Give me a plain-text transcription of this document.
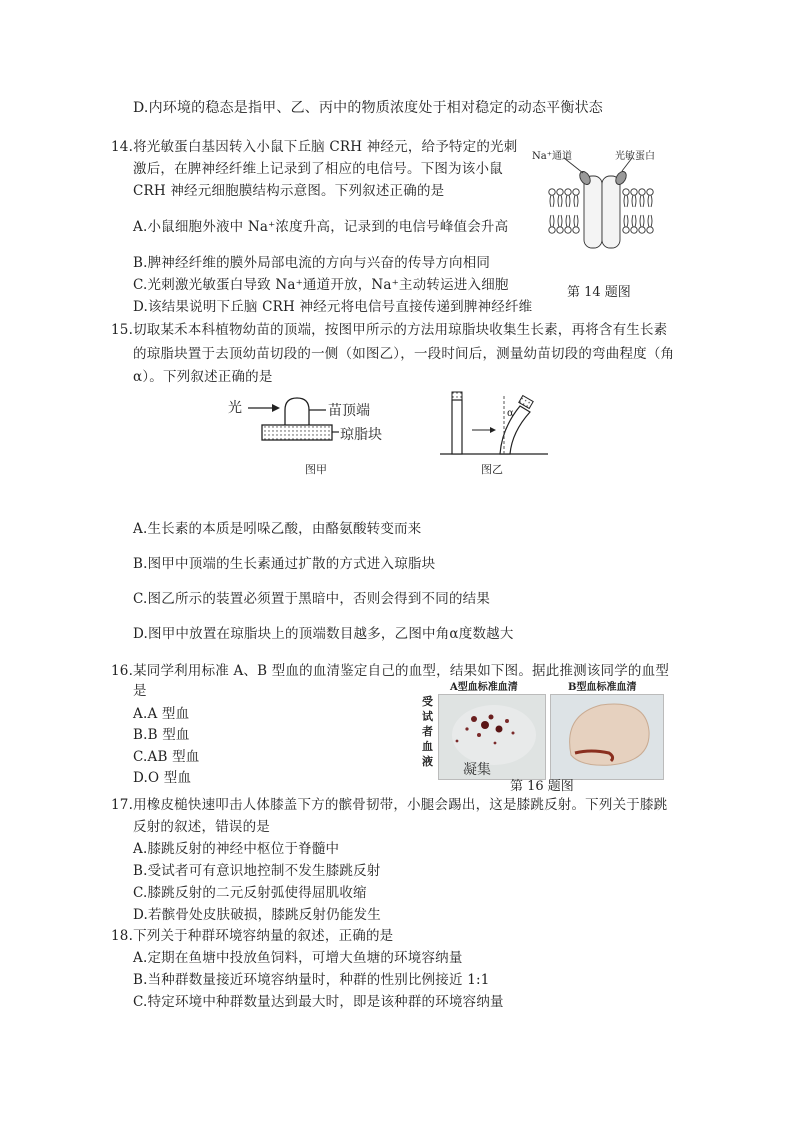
D.内环境的稳态是指甲、乙、丙中的物质浓度处于相对稳定的动态平衡状态
14.将光敏蛋白基因转入小鼠下丘脑 CRH 神经元，给予特定的光刺
激后，在脾神经纤维上记录到了相应的电信号。下图为该小鼠
CRH 神经元细胞膜结构示意图。下列叙述正确的是
A.小鼠细胞外液中 Na⁺浓度升高，记录到的电信号峰值会升高
B.脾神经纤维的膜外局部电流的方向与兴奋的传导方向相同
C.光刺激光敏蛋白导致 Na⁺通道开放，Na⁺主动转运进入细胞
D.该结果说明下丘脑 CRH 神经元将电信号直接传递到脾神经纤维
Na⁺通道	光敏蛋白
第 14 题图
15.切取某禾本科植物幼苗的顶端，按图甲所示的方法用琼脂块收集生长素，再将含有生长素
的琼脂块置于去顶幼苗切段的一侧（如图乙），一段时间后，测量幼苗切段的弯曲程度（角
α）。下列叙述正确的是
光	苗顶端
琼脂块
图甲
α
图乙
A.生长素的本质是吲哚乙酸，由酪氨酸转变而来
B.图甲中顶端的生长素通过扩散的方式进入琼脂块
C.图乙所示的装置必须置于黑暗中，否则会得到不同的结果
D.图甲中放置在琼脂块上的顶端数目越多，乙图中角α度数越大
16.某同学利用标准 A、B 型血的血清鉴定自己的血型，结果如下图。据此推测该同学的血型
是
A.A 型血
B.B 型血
C.AB 型血
D.O 型血
A型血标准血清	B型血标准血清
受
试
者
血
液
凝集
第 16 题图
17.用橡皮槌快速叩击人体膝盖下方的髌骨韧带，小腿会踢出，这是膝跳反射。下列关于膝跳
反射的叙述，错误的是
A.膝跳反射的神经中枢位于脊髓中
B.受试者可有意识地控制不发生膝跳反射
C.膝跳反射的二元反射弧使得屈肌收缩
D.若髌骨处皮肤破损，膝跳反射仍能发生
18.下列关于种群环境容纳量的叙述，正确的是
A.定期在鱼塘中投放鱼饲料，可增大鱼塘的环境容纳量
B.当种群数量接近环境容纳量时，种群的性别比例接近 1:1
C.特定环境中种群数量达到最大时，即是该种群的环境容纳量
